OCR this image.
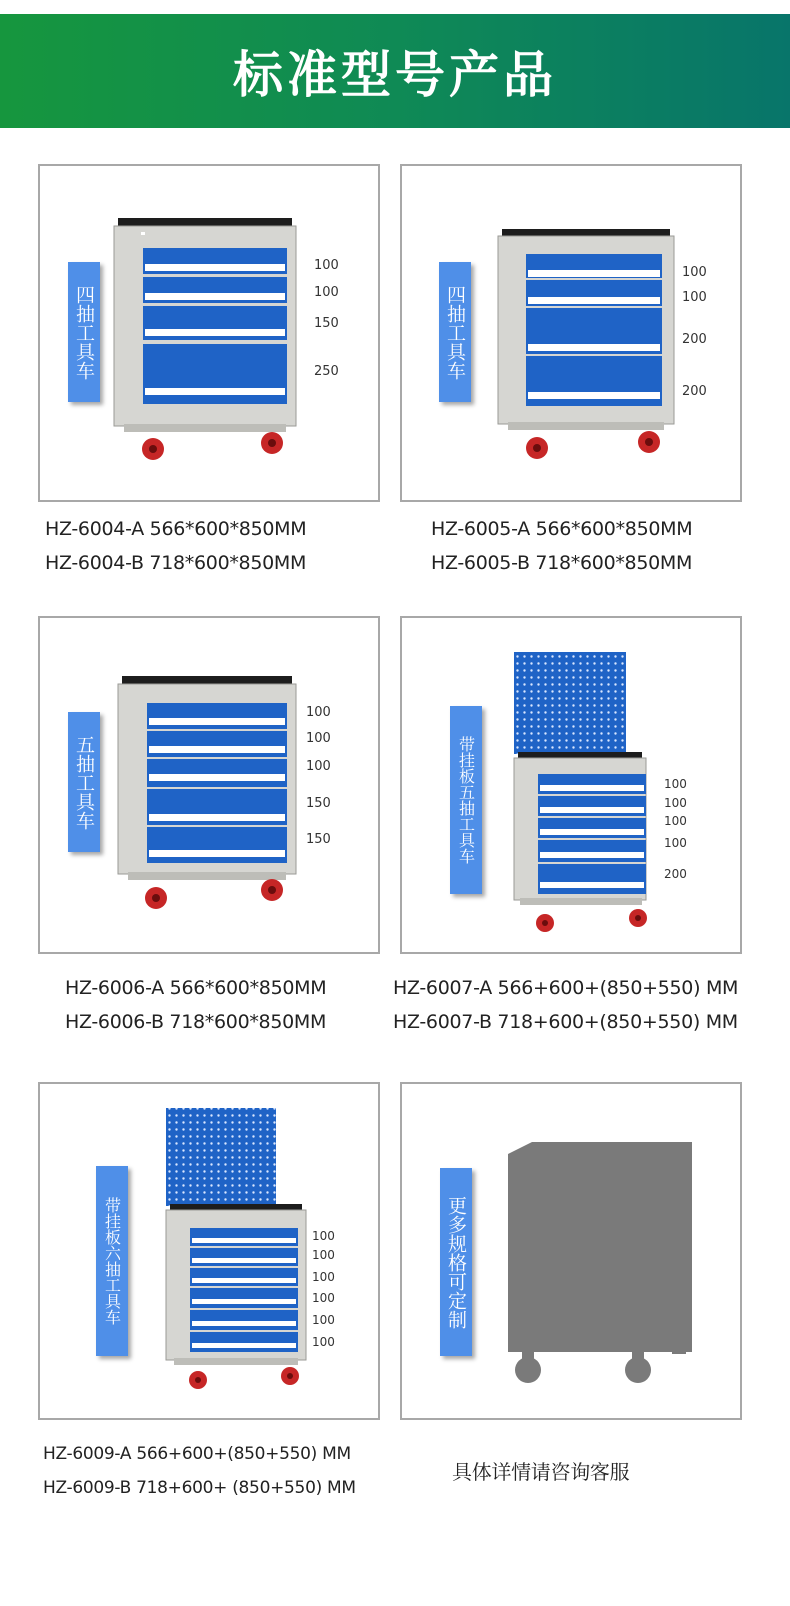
标准型号产品
100
100
150
250
四抽工具车
HZ-6004-A 566*600*850MM
HZ-6004-B 718*600*850MM
100
100
200
200
四抽工具车
HZ-6005-A 566*600*850MM
HZ-6005-B 718*600*850MM
100
100
100
150
150
五抽工具车
HZ-6006-A 566*600*850MM
HZ-6006-B 718*600*850MM
100
100
100
100
200
带挂板五抽工具车
HZ-6007-A 566+600+(850+550) MM
HZ-6007-B 718+600+(850+550) MM
100
100
100
100
100
100
带挂板六抽工具车
HZ-6009-A 566+600+(850+550) MM
HZ-6009-B 718+600+ (850+550) MM
更多规格可定制
具体详情请咨询客服
